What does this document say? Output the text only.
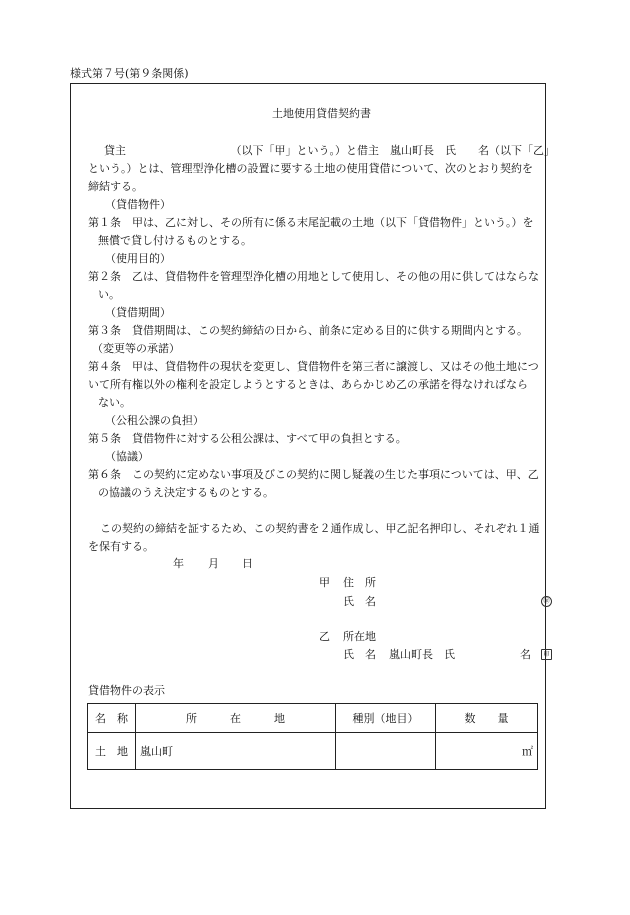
様式第７号(第９条関係)
土地使用貸借契約書
貸主　　　　　　　　　　（以下「甲」という。）と借主　嵐山町長　氏　　名（以下「乙」
という。）とは、管理型浄化槽の設置に要する土地の使用貸借について、次のとおり契約を
締結する。
（貸借物件）
第１条　甲は、乙に対し、その所有に係る末尾記載の土地（以下「貸借物件」という。）を
無償で貸し付けるものとする。
（使用目的）
第２条　乙は、貸借物件を管理型浄化槽の用地として使用し、その他の用に供してはならな
い。
（貸借期間）
第３条　貸借期間は、この契約締結の日から、前条に定める目的に供する期間内とする。
（変更等の承諾）
第４条　甲は、貸借物件の現状を変更し、貸借物件を第三者に譲渡し、又はその他土地につ
いて所有権以外の権利を設定しようとするときは、あらかじめ乙の承諾を得なければなら
ない。
（公租公課の負担）
第５条　貸借物件に対する公租公課は、すべて甲の負担とする。
（協議）
第６条　この契約に定めない事項及びこの契約に関し疑義の生じた事項については、甲、乙
の協議のうえ決定するものとする。
この契約の締結を証するため、この契約書を２通作成し、甲乙記名押印し、それぞれ１通
を保有する。
年 月 日
甲 住　所
氏　名	㊞
乙 所在地
氏　名 嵐山町長　氏	名	印
貸借物件の表示
名　称	所　　　在　　　地	種別（地目）	数　　量
土　地	嵐山町		㎡
